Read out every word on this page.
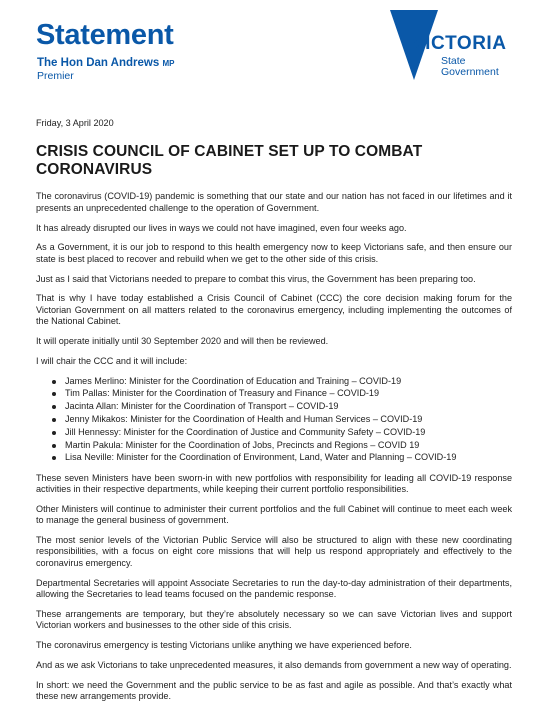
Statement
The Hon Dan Andrews MP
Premier
VICTORIA
State
Government
Friday, 3 April 2020
CRISIS COUNCIL OF CABINET SET UP TO COMBAT CORONAVIRUS
The coronavirus (COVID-19) pandemic is something that our state and our nation has not faced in our lifetimes and it presents an unprecedented challenge to the operation of Government.
It has already disrupted our lives in ways we could not have imagined, even four weeks ago.
As a Government, it is our job to respond to this health emergency now to keep Victorians safe, and then ensure our state is best placed to recover and rebuild when we get to the other side of this crisis.
Just as I said that Victorians needed to prepare to combat this virus, the Government has been preparing too.
That is why I have today established a Crisis Council of Cabinet (CCC) the core decision making forum for the Victorian Government on all matters related to the coronavirus emergency, including implementing the outcomes of the National Cabinet.
It will operate initially until 30 September 2020 and will then be reviewed.
I will chair the CCC and it will include:
James Merlino: Minister for the Coordination of Education and Training – COVID-19
Tim Pallas: Minister for the Coordination of Treasury and Finance – COVID-19
Jacinta Allan: Minister for the Coordination of Transport – COVID-19
Jenny Mikakos: Minister for the Coordination of Health and Human Services – COVID-19
Jill Hennessy: Minister for the Coordination of Justice and Community Safety – COVID-19
Martin Pakula: Minister for the Coordination of Jobs, Precincts and Regions – COVID 19
Lisa Neville: Minister for the Coordination of Environment, Land, Water and Planning – COVID-19
These seven Ministers have been sworn-in with new portfolios with responsibility for leading all COVID-19 response activities in their respective departments, while keeping their current portfolio responsibilities.
Other Ministers will continue to administer their current portfolios and the full Cabinet will continue to meet each week to manage the general business of government.
The most senior levels of the Victorian Public Service will also be structured to align with these new coordinating responsibilities, with a focus on eight core missions that will help us respond appropriately and effectively to the coronavirus emergency.
Departmental Secretaries will appoint Associate Secretaries to run the day-to-day administration of their departments, allowing the Secretaries to lead teams focused on the pandemic response.
These arrangements are temporary, but they’re absolutely necessary so we can save Victorian lives and support Victorian workers and businesses to the other side of this crisis.
The coronavirus emergency is testing Victorians unlike anything we have experienced before.
And as we ask Victorians to take unprecedented measures, it also demands from government a new way of operating.
In short: we need the Government and the public service to be as fast and agile as possible. And that’s exactly what these new arrangements provide.
